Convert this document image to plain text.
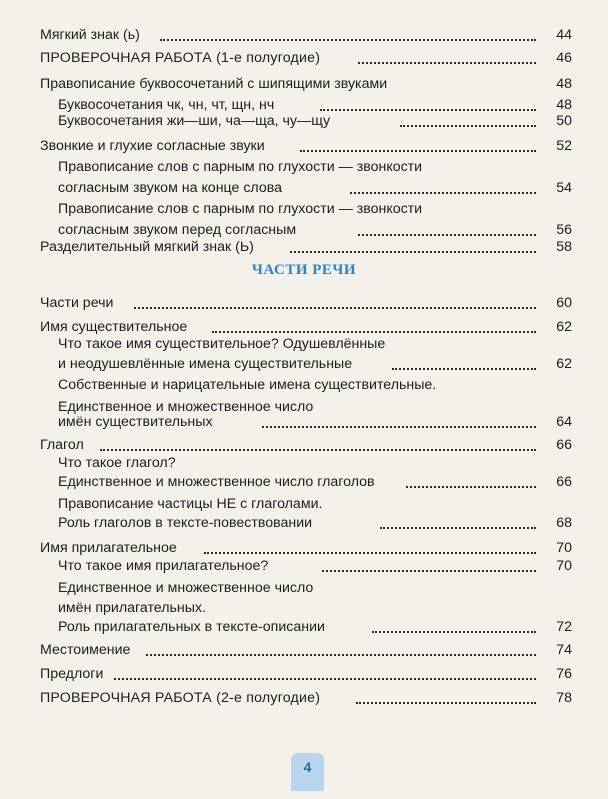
Мягкий знак (ь)	44
ПРОВЕРОЧНАЯ РАБОТА (1-е полугодие)	46
Правописание буквосочетаний с шипящими звуками	48
Буквосочетания чк, чн, чт, щн, нч	48
Буквосочетания жи—ши, ча—ща, чу—щу	50
Звонкие и глухие согласные звуки	52
Правописание слов с парным по глухости — звонкости
согласным звуком на конце слова	54
Правописание слов с парным по глухости — звонкости
согласным звуком перед согласным	56
Разделительный мягкий знак (Ь)	58
ЧАСТИ РЕЧИ
Части речи	60
Имя существительное	62
Что такое имя существительное? Одушевлённые
и неодушевлённые имена существительные	62
Собственные и нарицательные имена существительные.
Единственное и множественное число
имён существительных	64
Глагол	66
Что такое глагол?
Единственное и множественное число глаголов	66
Правописание частицы НЕ с глаголами.
Роль глаголов в тексте-повествовании	68
Имя прилагательное	70
Что такое имя прилагательное?	70
Единственное и множественное число
имён прилагательных.
Роль прилагательных в тексте-описании	72
Местоимение	74
Предлоги	76
ПРОВЕРОЧНАЯ РАБОТА (2-е полугодие)	78
4
